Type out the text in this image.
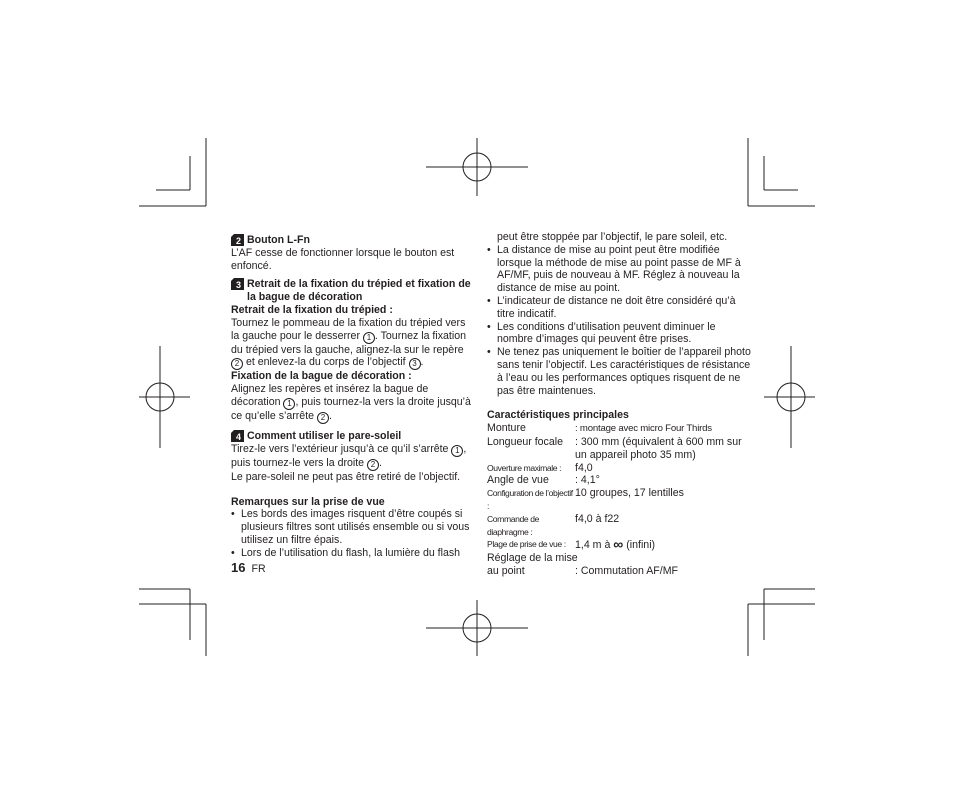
2 Bouton L-Fn

L’AF cesse de fonctionner lorsque le bouton est enfoncé.

3 Retrait de la fixation du trépied et fixation de la bague de décoration

Retrait de la fixation du trépied :

Tournez le pommeau de la fixation du trépied vers la gauche pour le desserrer 1 . Tournez la fixation du trépied vers la gauche, alignez-la sur le repère 2 et enlevez-la du corps de l’objectif 3 .

Fixation de la bague de décoration :

Alignez les repères et insérez la bague de décoration 1 , puis tournez-la vers la droite jusqu’à ce qu’elle s’arrête 2 .

4 Comment utiliser le pare-soleil

Tirez-le vers l’extérieur jusqu’à ce qu’il s’arrête 1 , puis tournez-le vers la droite 2 .

Le pare-soleil ne peut pas être retiré de l’objectif.

Remarques sur la prise de vue

• Les bords des images risquent d’être coupés si plusieurs filtres sont utilisés ensemble ou si vous utilisez un filtre épais.
• Lors de l’utilisation du flash, la lumière du flash

peut être stoppée par l’objectif, le pare soleil, etc.

• La distance de mise au point peut être modifiée lorsque la méthode de mise au point passe de MF à AF/MF, puis de nouveau à MF. Réglez à nouveau la distance de mise au point.
• L’indicateur de distance ne doit être considéré qu’à titre indicatif.
• Les conditions d’utilisation peuvent diminuer le nombre d’images qui peuvent être prises.
• Ne tenez pas uniquement le boîtier de l’appareil photo sans tenir l’objectif. Les caractéristiques de résistance à l’eau ou les performances optiques risquent de ne pas être maintenues.

Caractéristiques principales

Monture	: montage avec micro Four Thirds
Longueur focale	: 300 mm (équivalent à 600 mm sur un appareil photo 35 mm)
Ouverture maximale :	f4,0
Angle de vue	: 4,1°
Configuration de l’objectif :
10 groupes, 17 lentilles
Commande de diaphragme :
f4,0 à f22
Plage de prise de vue : 1,4 m à ∞ (infini)
Réglage de la mise
au point	: Commutation AF/MF
16 FR
